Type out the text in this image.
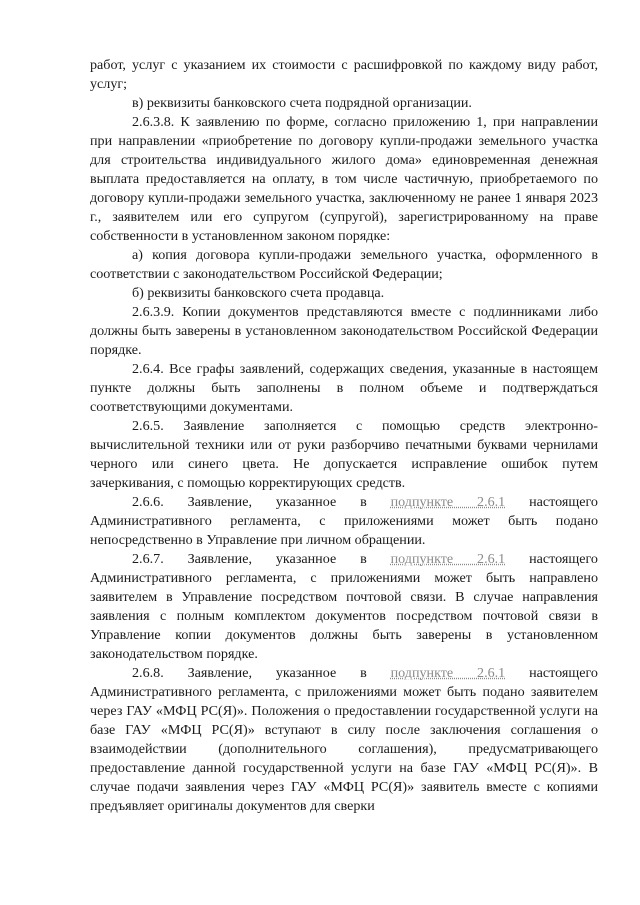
работ, услуг с указанием их стоимости с расшифровкой по каждому виду работ, услуг;

в) реквизиты банковского счета подрядной организации.

2.6.3.8. К заявлению по форме, согласно приложению 1, при направлении при направлении «приобретение по договору купли-продажи земельного участка для строительства индивидуального жилого дома» единовременная денежная выплата предоставляется на оплату, в том числе частичную, приобретаемого по договору купли-продажи земельного участка, заключенному не ранее 1 января 2023 г., заявителем или его супругом (супругой), зарегистрированному на праве собственности в установленном законом порядке:

а) копия договора купли-продажи земельного участка, оформленного в соответствии с законодательством Российской Федерации;

б) реквизиты банковского счета продавца.

2.6.3.9. Копии документов представляются вместе с подлинниками либо должны быть заверены в установленном законодательством Российской Федерации порядке.

2.6.4. Все графы заявлений, содержащих сведения, указанные в настоящем пункте должны быть заполнены в полном объеме и подтверждаться соответствующими документами.

2.6.5. Заявление заполняется с помощью средств электронно-вычислительной техники или от руки разборчиво печатными буквами чернилами черного или синего цвета. Не допускается исправление ошибок путем зачеркивания, с помощью корректирующих средств.

2.6.6. Заявление, указанное в подпункте 2.6.1 настоящего Административного регламента, с приложениями может быть подано непосредственно в Управление при личном обращении.

2.6.7. Заявление, указанное в подпункте 2.6.1 настоящего Административного регламента, с приложениями может быть направлено заявителем в Управление посредством почтовой связи. В случае направления заявления с полным комплектом документов посредством почтовой связи в Управление копии документов должны быть заверены в установленном законодательством порядке.

2.6.8. Заявление, указанное в подпункте 2.6.1 настоящего Административного регламента, с приложениями может быть подано заявителем через ГАУ «МФЦ РС(Я)». Положения о предоставлении государственной услуги на базе ГАУ «МФЦ РС(Я)» вступают в силу после заключения соглашения о взаимодействии (дополнительного соглашения), предусматривающего предоставление данной государственной услуги на базе ГАУ «МФЦ РС(Я)». В случае подачи заявления через ГАУ «МФЦ РС(Я)» заявитель вместе с копиями предъявляет оригиналы документов для сверки
